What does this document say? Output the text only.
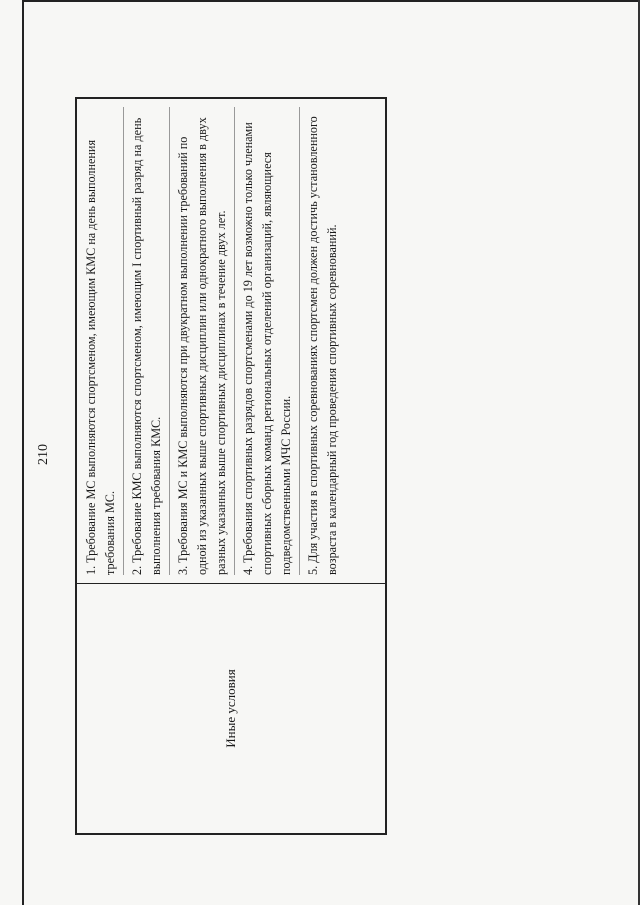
210
Иные условия
1. Требование МС выполняются спортсменом, имеющим КМС на день выполнения требования МС.	2. Требование КМС выполняются спортсменом, имеющим I спортивный разряд на день выполнения требования КМС.	3. Требования МС и КМС выполняются при двукратном выполнении требований по одной из указанных выше спортивных дисциплин или однократного выполнения в двух разных указанных выше спортивных дисциплинах в течение двух лет.	4. Требования спортивных разрядов спортсменами до 19 лет возможно только членами спортивных сборных команд региональных отделений организаций, являющиеся подведомственными МЧС России.	5. Для участия в спортивных соревнованиях спортсмен должен достичь установленного возраста в календарный год проведения спортивных соревнований.
